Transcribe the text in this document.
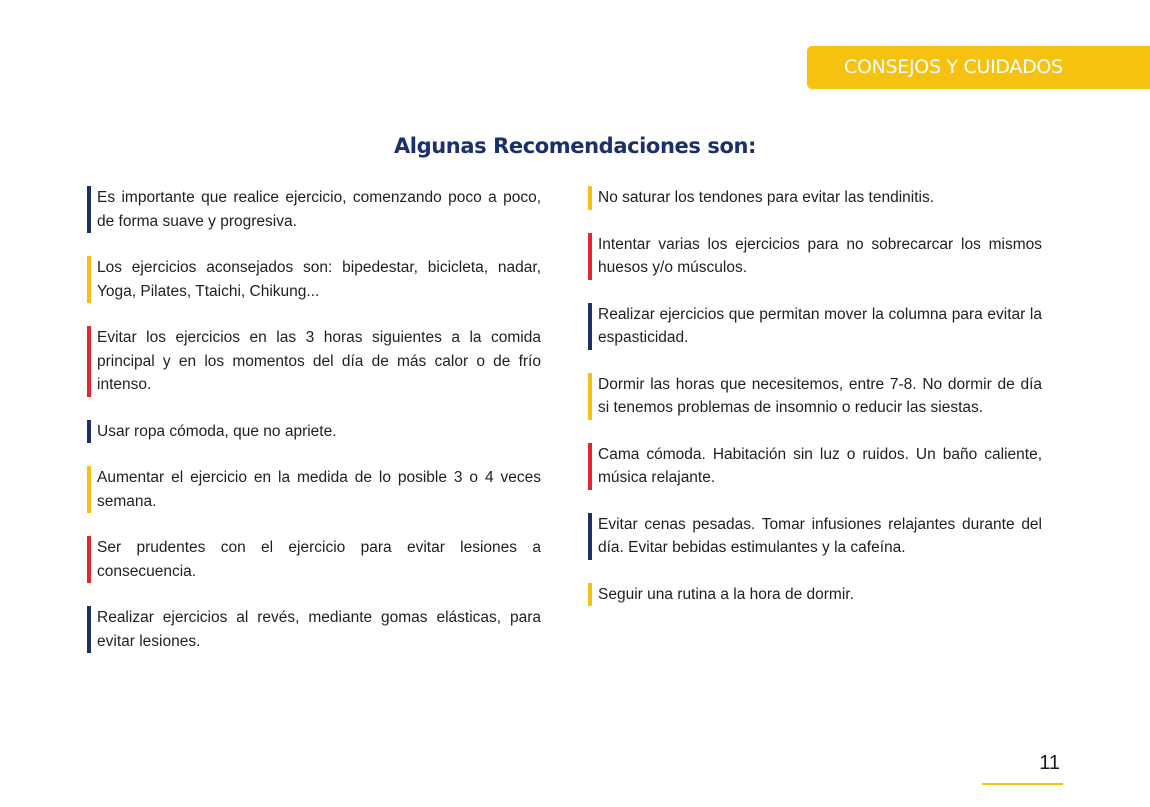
CONSEJOS Y CUIDADOS
Algunas Recomendaciones son:
Es importante que realice ejercicio, comenzando poco a poco, de forma suave y progresiva.
Los ejercicios aconsejados son: bipedestar, bicicleta, nadar, Yoga, Pilates, Ttaichi, Chikung...
Evitar los ejercicios en las 3 horas siguientes a la comida principal y en los momentos del día de más calor o de frío intenso.
Usar ropa cómoda, que no apriete.
Aumentar el ejercicio en la medida de lo posible 3 o 4 veces semana.
Ser prudentes con el ejercicio para evitar lesiones a consecuencia.
Realizar ejercicios al revés, mediante gomas elásticas, para evitar lesiones.
No saturar los tendones para evitar las tendinitis.
Intentar varias los ejercicios para no sobrecarcar los mismos huesos y/o músculos.
Realizar ejercicios que permitan mover la columna para evitar la espasticidad.
Dormir las horas que necesitemos, entre 7-8. No dormir de día si tenemos problemas de insomnio o reducir las siestas.
Cama cómoda. Habitación sin luz o ruidos. Un baño caliente, música relajante.
Evitar cenas pesadas. Tomar infusiones relajantes durante del día. Evitar bebidas estimulantes y la cafeína.
Seguir una rutina a la hora de dormir.
11
